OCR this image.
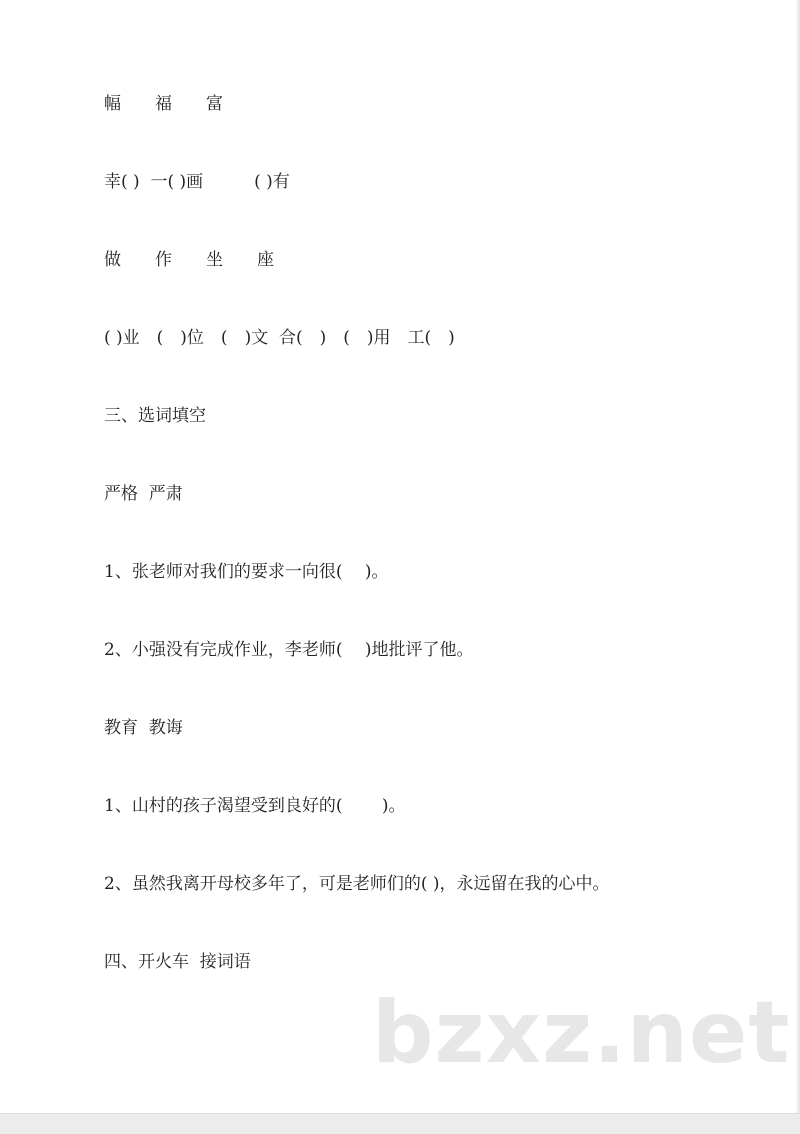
幅　　福　　富

幸( )  一( )画　　　( )有

做　　作　　坐　　座

( )业　(　)位　(　)文  合(　)　(　)用　工(　)

三、选词填空

严格  严肃

1、张老师对我们的要求一向很(　 )。

2、小强没有完成作业，李老师(　 )地批评了他。

教育  教诲

1、山村的孩子渴望受到良好的(　　 )。

2、虽然我离开母校多年了，可是老师们的( )，永远留在我的心中。

四、开火车  接词语

bzxz.net
